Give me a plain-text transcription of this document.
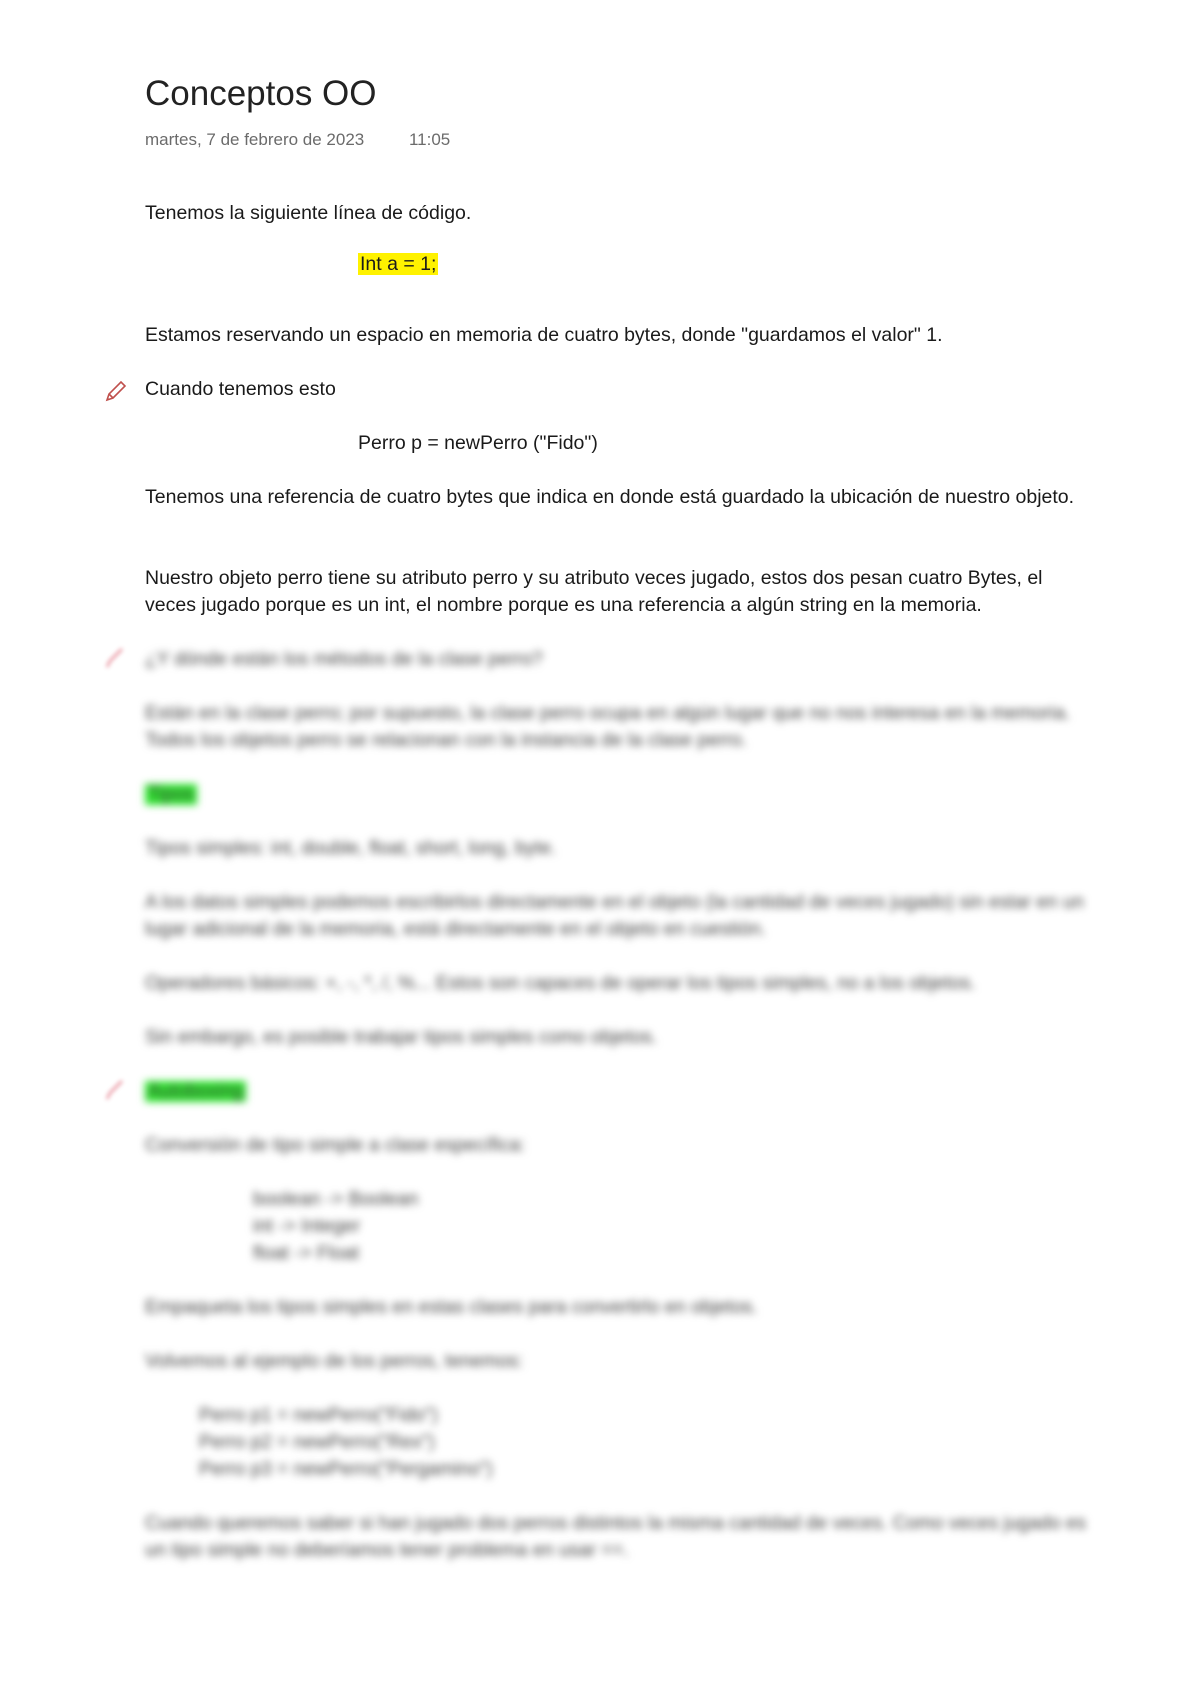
Conceptos OO
martes, 7 de febrero de 2023	11:05
Tenemos la siguiente línea de código.
Int a = 1;
Estamos reservando un espacio en memoria de cuatro bytes, donde "guardamos el valor" 1.
Cuando tenemos esto
Perro p = newPerro ("Fido")
Tenemos una referencia de cuatro bytes que indica en donde está guardado la ubicación de nuestro objeto.
Nuestro objeto perro tiene su atributo perro y su atributo veces jugado, estos dos pesan cuatro Bytes, el veces jugado porque es un int, el nombre porque es una referencia a algún string en la memoria.
¿Y dónde están los métodos de la clase perro?
Están en la clase perro; por supuesto, la clase perro ocupa en algún lugar que no nos interesa en la memoria. Todos los objetos perro se relacionan con la instancia de la clase perro.
Tipos
Tipos simples: int, double, float, short, long, byte.
A los datos simples podemos escribirlos directamente en el objeto (la cantidad de veces jugado) sin estar en un lugar adicional de la memoria, está directamente en el objeto en cuestión.
Operadores básicos: +, -, *, /, %... Estos son capaces de operar los tipos simples, no a los objetos.
Sin embargo, es posible trabajar tipos simples como objetos.
Autoboxing
Conversión de tipo simple a clase específica:
boolean -> Boolean
int -> Integer
float -> Float
Empaqueta los tipos simples en estas clases para convertirlo en objetos.
Volvemos al ejemplo de los perros, tenemos:
Perro p1 = newPerro("Fido")
Perro p2 = newPerro("Rex")
Perro p3 = newPerro("Pergamino")
Cuando queremos saber si han jugado dos perros distintos la misma cantidad de veces. Como veces jugado es un tipo simple no deberíamos tener problema en usar ==.
